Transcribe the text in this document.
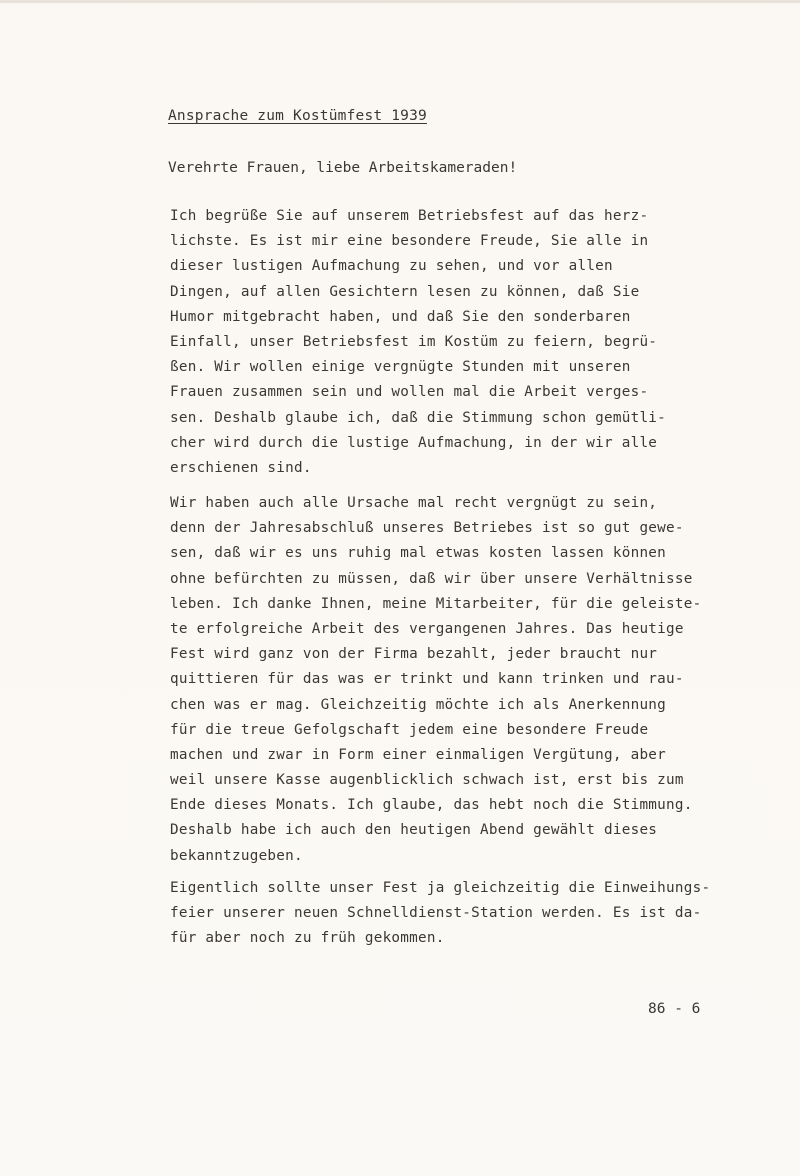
Ansprache zum Kostümfest 1939
Verehrte Frauen, liebe Arbeitskameraden!
Ich begrüße Sie auf unserem Betriebsfest auf das herz-
lichste. Es ist mir eine besondere Freude, Sie alle in
dieser lustigen Aufmachung zu sehen, und vor allen
Dingen, auf allen Gesichtern lesen zu können, daß Sie
Humor mitgebracht haben, und daß Sie den sonderbaren
Einfall, unser Betriebsfest im Kostüm zu feiern, begrü-
ßen. Wir wollen einige vergnügte Stunden mit unseren
Frauen zusammen sein und wollen mal die Arbeit verges-
sen. Deshalb glaube ich, daß die Stimmung schon gemütli-
cher wird durch die lustige Aufmachung, in der wir alle
erschienen sind.
Wir haben auch alle Ursache mal recht vergnügt zu sein,
denn der Jahresabschluß unseres Betriebes ist so gut gewe-
sen, daß wir es uns ruhig mal etwas kosten lassen können
ohne befürchten zu müssen, daß wir über unsere Verhältnisse
leben. Ich danke Ihnen, meine Mitarbeiter, für die geleiste-
te erfolgreiche Arbeit des vergangenen Jahres. Das heutige
Fest wird ganz von der Firma bezahlt, jeder braucht nur
quittieren für das was er trinkt und kann trinken und rau-
chen was er mag. Gleichzeitig möchte ich als Anerkennung
für die treue Gefolgschaft jedem eine besondere Freude
machen und zwar in Form einer einmaligen Vergütung, aber
weil unsere Kasse augenblicklich schwach ist, erst bis zum
Ende dieses Monats. Ich glaube, das hebt noch die Stimmung.
Deshalb habe ich auch den heutigen Abend gewählt dieses
bekanntzugeben.
Eigentlich sollte unser Fest ja gleichzeitig die Einweihungs-
feier unserer neuen Schnelldienst-Station werden. Es ist da-
für aber noch zu früh gekommen.
86 - 6
